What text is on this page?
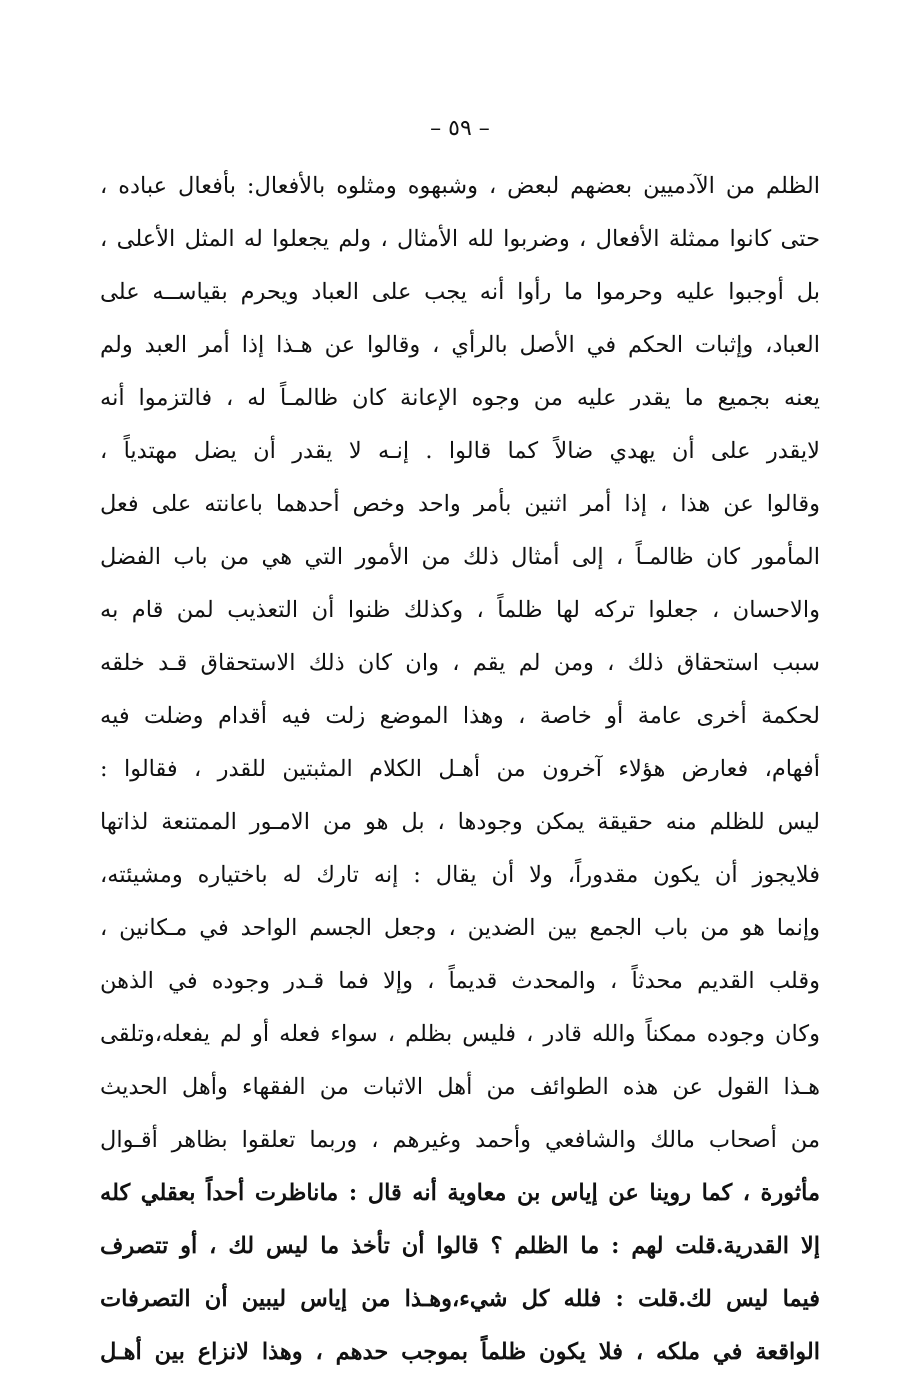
– ٥٩ –
الظلم من الآدميين بعضهم لبعض ، وشبهوه ومثلوه بالأفعال: بأفعال عباده ،
حتى كانوا ممثلة الأفعال ، وضربوا لله الأمثال ، ولم يجعلوا له المثل الأعلى ،
بل أوجبوا عليه وحرموا ما رأوا أنه يجب على العباد ويحرم بقياســه على
العباد، وإثبات الحكم في الأصل بالرأي ، وقالوا عن هـذا إذا أمر العبد ولم
يعنه بجميع ما يقدر عليه من وجوه الإعانة كان ظالمـاً له ، فالتزموا أنه
لايقدر على أن يهدي ضالاً كما قالوا . إنـه لا يقدر أن يضل مهتدياً ،
وقالوا عن هذا ، إذا أمر اثنين بأمر واحد وخص أحدهما باعانته على فعل
المأمور كان ظالمـاً ، إلى أمثال ذلك من الأمور التي هي من باب الفضل
والاحسان ، جعلوا تركه لها ظلماً ، وكذلك ظنوا أن التعذيب لمن قام به
سبب استحقاق ذلك ، ومن لم يقم ، وان كان ذلك الاستحقاق قـد خلقه
لحكمة أخرى عامة أو خاصة ، وهذا الموضع زلت فيه أقدام وضلت فيه
أفهام، فعارض هؤلاء آخرون من أهـل الكلام المثبتين للقدر ، فقالوا :
ليس للظلم منه حقيقة يمكن وجودها ، بل هو من الامـور الممتنعة لذاتها
فلايجوز أن يكون مقدوراً، ولا أن يقال : إنه تارك له باختياره ومشيئته،
وإنما هو من باب الجمع بين الضدين ، وجعل الجسم الواحد في مـكانين ،
وقلب القديم محدثاً ، والمحدث قديماً ، وإلا فما قـدر وجوده في الذهن
وكان وجوده ممكناً والله قادر ، فليس بظلم ، سواء فعله أو لم يفعله،وتلقى
هـذا القول عن هذه الطوائف من أهل الاثبات من الفقهاء وأهل الحديث
من أصحاب مالك والشافعي وأحمد وغيرهم ، وربما تعلقوا بظاهر أقـوال
مأثورة ، كما روينا عن إياس بن معاوية أنه قال : ماناظرت أحداً بعقلي كله
إلا القدرية.قلت لهم : ما الظلم ؟ قالوا أن تأخذ ما ليس لك ، أو تتصرف
فيما ليس لك.قلت : فلله كل شيء،وهـذا من إياس ليبين أن التصرفات
الواقعة في ملكه ، فلا يكون ظلماً بموجب حدهم ، وهذا لانزاع بين أهـل
